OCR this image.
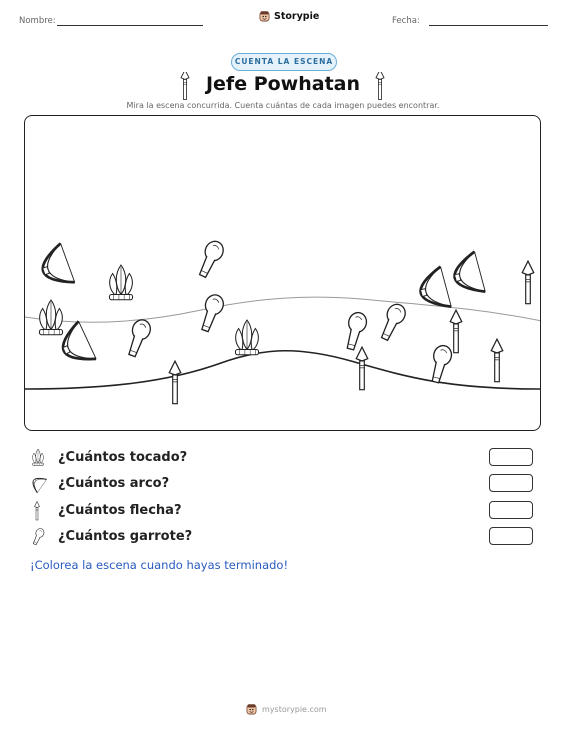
Nombre:	Storypie	Fecha:
CUENTA LA ESCENA
Jefe Powhatan
Mira la escena concurrida. Cuenta cuántas de cada imagen puedes encontrar.
¿Cuántos tocado?
¿Cuántos arco?
¿Cuántos flecha?
¿Cuántos garrote?
¡Colorea la escena cuando hayas terminado!
mystorypie.com
